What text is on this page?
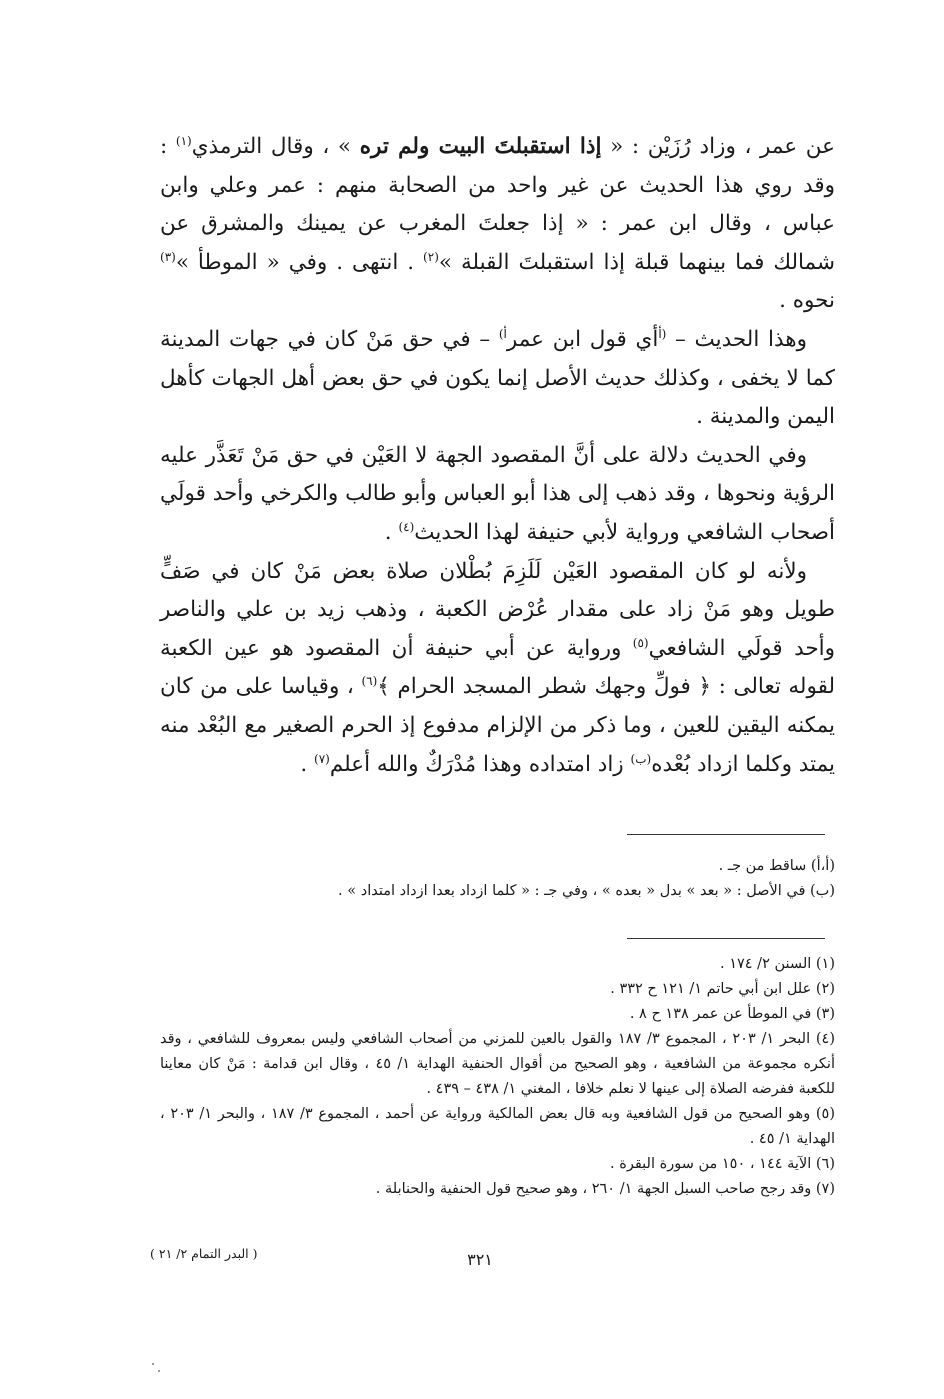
عن عمر ، وزاد رُزَيْن : « إذا استقبلتَ البيت ولم تره » ، وقال الترمذي$^{(١)}$ : وقد روي هذا الحديث عن غير واحد من الصحابة منهم : عمر وعلي وابن عباس ، وقال ابن عمر : « إذا جعلتَ المغرب عن يمينك والمشرق عن شمالك فما بينهما قبلة إذا استقبلتَ القبلة »$^{(٢)}$ . انتهى . وفي « الموطأ »$^{(٣)}$ نحوه .

وهذا الحديث – $^{(أ}$أي قول ابن عمر$^{أ)}$ – في حق مَنْ كان في جهات المدينة كما لا يخفى ، وكذلك حديث الأصل إنما يكون في حق بعض أهل الجهات كأهل اليمن والمدينة .

وفي الحديث دلالة على أنَّ المقصود الجهة لا العَيْن في حق مَنْ تَعَذَّر عليه الرؤية ونحوها ، وقد ذهب إلى هذا أبو العباس وأبو طالب والكرخي وأحد قولَي أصحاب الشافعي ورواية لأبي حنيفة لهذا الحديث$^{(٤)}$ .

ولأنه لو كان المقصود العَيْن لَلَزِمَ بُطْلان صلاة بعض مَنْ كان في صَفٍّ طويل وهو مَنْ زاد على مقدار عُرْض الكعبة ، وذهب زيد بن علي والناصر وأحد قولَي الشافعي$^{(٥)}$ ورواية عن أبي حنيفة أن المقصود هو عين الكعبة لقوله تعالى : ﴿ فولِّ وجهك شطر المسجد الحرام ﴾$^{(٦)}$ ، وقياسا على من كان يمكنه اليقين للعين ، وما ذكر من الإلزام مدفوع إذ الحرم الصغير مع البُعْد منه يمتد وكلما ازداد بُعْده$^{(ب)}$ زاد امتداده وهذا مُدْرَكٌ والله أعلم$^{(٧)}$ .

(أ،أ) ساقط من جـ .

(ب) في الأصل : « بعد » بدل « بعده » ، وفي جـ : « كلما ازداد بعدا ازداد امتداد » .

(١) السنن ٢/ ١٧٤ .

(٢) علل ابن أبي حاتم ١/ ١٢١ ح ٣٣٢ .

(٣) في الموطأ عن عمر ١٣٨ ح ٨ .

(٤) البحر ١/ ٢٠٣ ، المجموع ٣/ ١٨٧ والقول بالعين للمزني من أصحاب الشافعي وليس بمعروف للشافعي ، وقد أنكره مجموعة من الشافعية ، وهو الصحيح من أقوال الحنفية الهداية ١/ ٤٥ ، وقال ابن قدامة : مَنْ كان معاينا للكعبة ففرضه الصلاة إلى عينها لا نعلم خلافا ، المغني ١/ ٤٣٨ – ٤٣٩ .

(٥) وهو الصحيح من قول الشافعية وبه قال بعض المالكية ورواية عن أحمد ، المجموع ٣/ ١٨٧ ، والبحر ١/ ٢٠٣ ، الهداية ١/ ٤٥ .

(٦) الآية ١٤٤ ، ١٥٠ من سورة البقرة .

(٧) وقد رجح صاحب السبل الجهة ١/ ٢٦٠ ، وهو صحيح قول الحنفية والحنابلة .

( البدر التمام ٢/ ٢١ )	٣٢١
